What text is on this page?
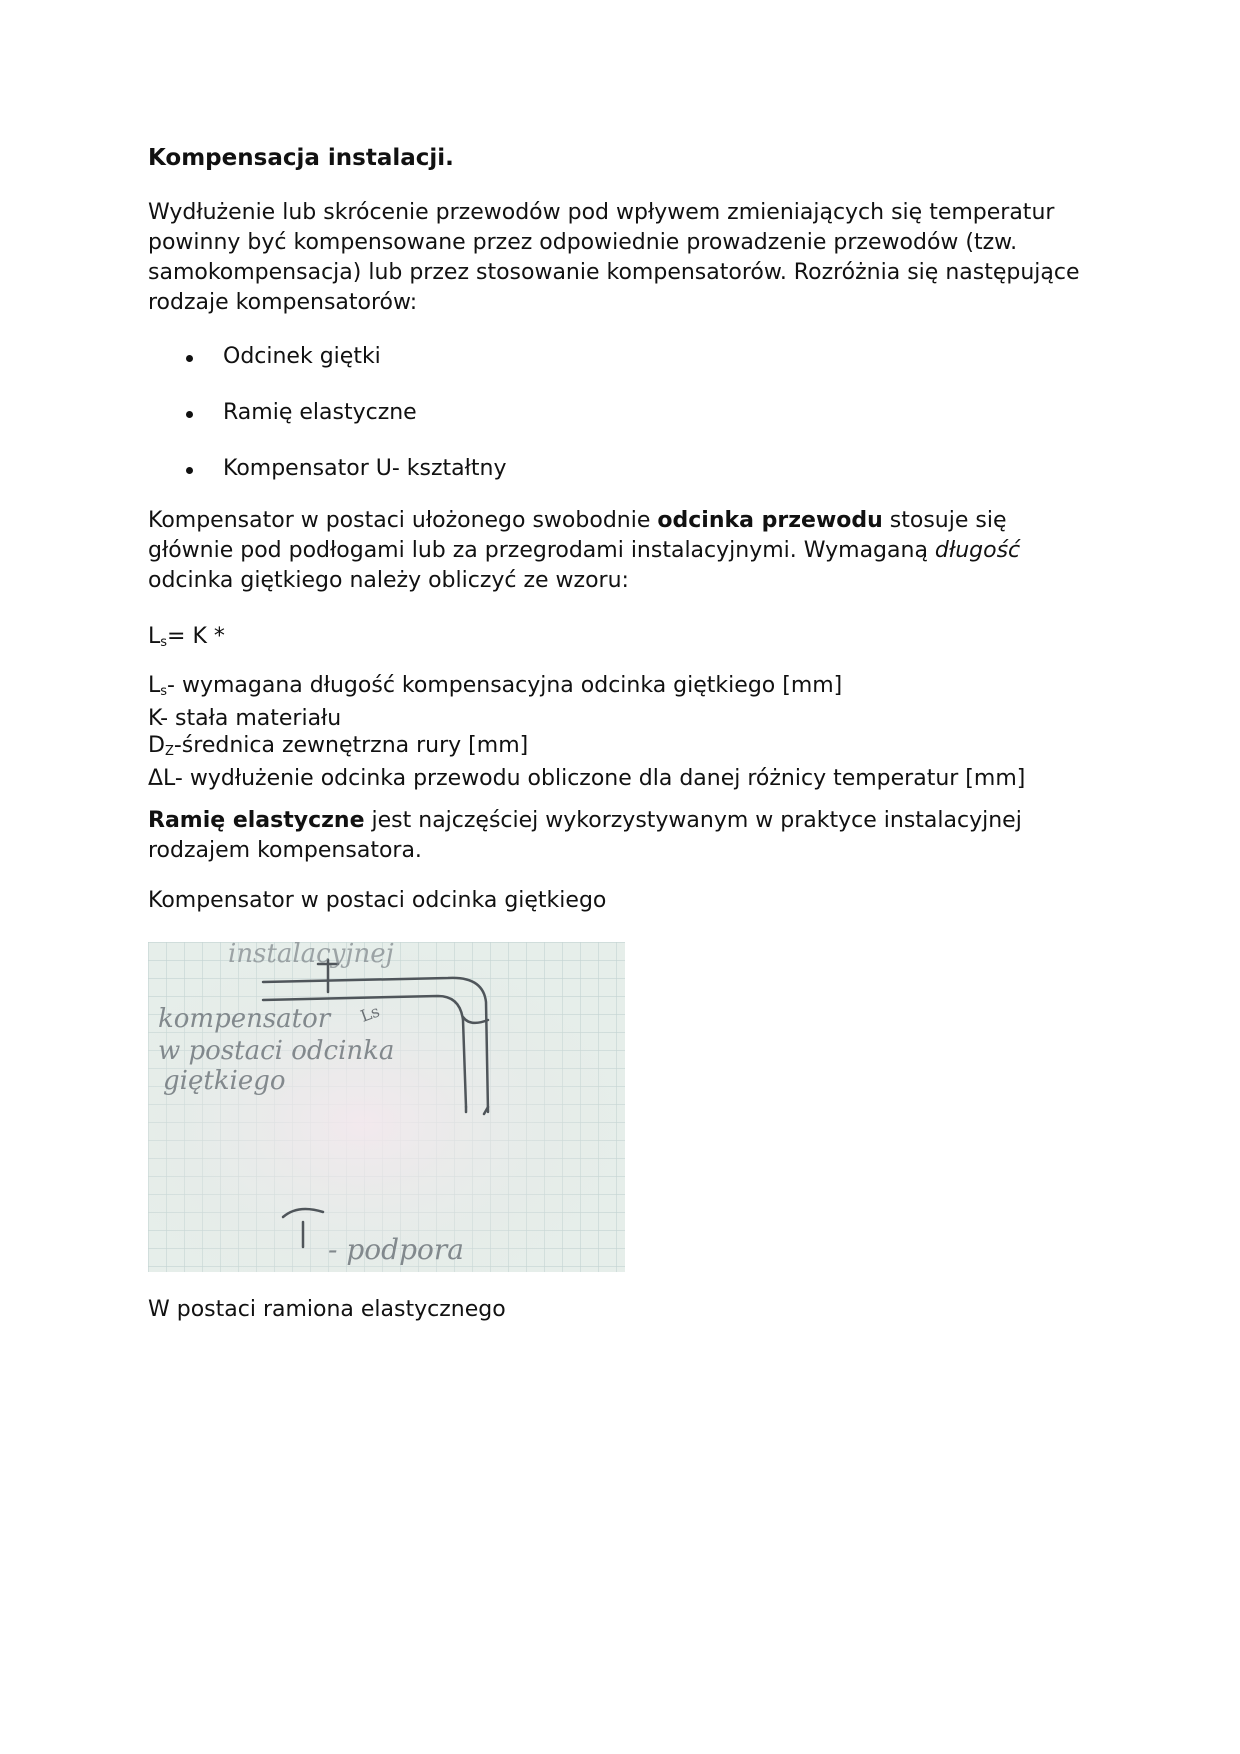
Kompensacja instalacji.

Wydłużenie lub skrócenie przewodów pod wpływem zmieniających się temperatur powinny być kompensowane przez odpowiednie prowadzenie przewodów (tzw. samokompensacja) lub przez stosowanie kompensatorów. Rozróżnia się następujące rodzaje kompensatorów:

Odcinek giętki
Ramię elastyczne
Kompensator U- kształtny

Kompensator w postaci ułożonego swobodnie odcinka przewodu stosuje się głównie pod podłogami lub za przegrodami instalacyjnymi. Wymaganą długość odcinka giętkiego należy obliczyć ze wzoru:

$L_s= K$ *

$L_s-$ wymagana długość kompensacyjna odcinka giętkiego [mm]
K- stała materiału
$D_Z$-średnica zewnętrzna rury [mm]
ΔL- wydłużenie odcinka przewodu obliczone dla danej różnicy temperatur [mm]

Ramię elastyczne jest najczęściej wykorzystywanym w praktyce instalacyjnej rodzajem kompensatora.

Kompensator w postaci odcinka giętkiego

Ls
instalacyjnej
kompensator
w postaci odcinka
giętkiego
- podpora

W postaci ramiona elastycznego
